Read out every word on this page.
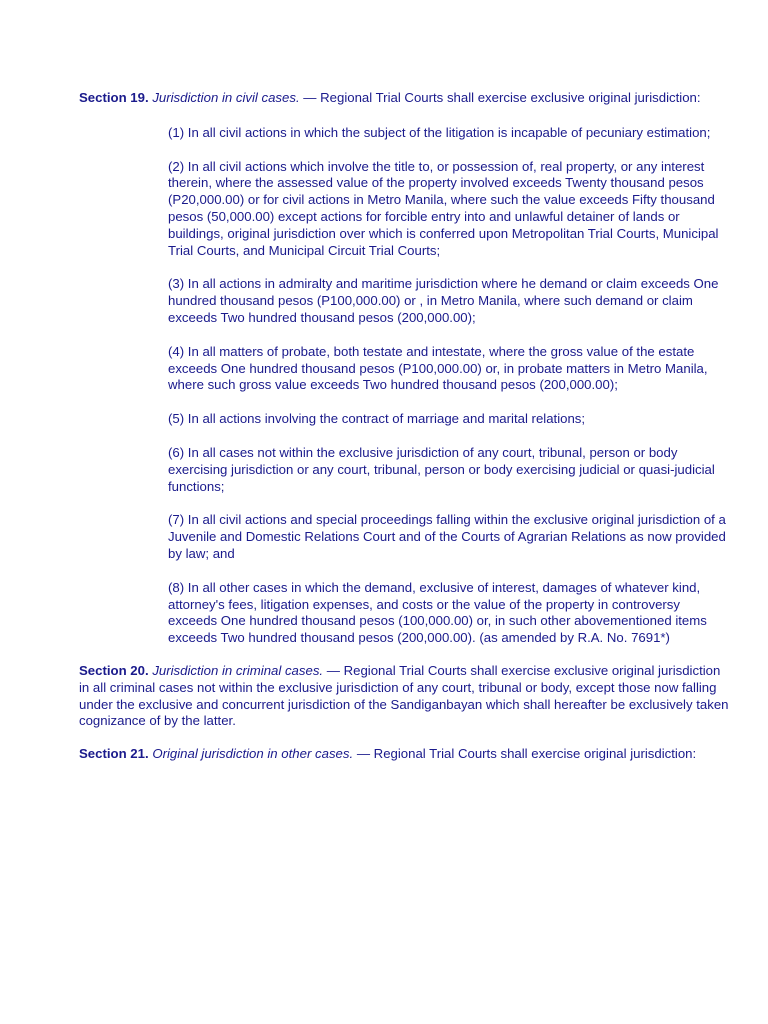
Section 19. Jurisdiction in civil cases. — Regional Trial Courts shall exercise exclusive original jurisdiction:
(1) In all civil actions in which the subject of the litigation is incapable of pecuniary estimation;
(2) In all civil actions which involve the title to, or possession of, real property, or any interest therein, where the assessed value of the property involved exceeds Twenty thousand pesos (P20,000.00) or for civil actions in Metro Manila, where such the value exceeds Fifty thousand pesos (50,000.00) except actions for forcible entry into and unlawful detainer of lands or buildings, original jurisdiction over which is conferred upon Metropolitan Trial Courts, Municipal Trial Courts, and Municipal Circuit Trial Courts;
(3) In all actions in admiralty and maritime jurisdiction where he demand or claim exceeds One hundred thousand pesos (P100,000.00) or , in Metro Manila, where such demand or claim exceeds Two hundred thousand pesos (200,000.00);
(4) In all matters of probate, both testate and intestate, where the gross value of the estate exceeds One hundred thousand pesos (P100,000.00) or, in probate matters in Metro Manila, where such gross value exceeds Two hundred thousand pesos (200,000.00);
(5) In all actions involving the contract of marriage and marital relations;
(6) In all cases not within the exclusive jurisdiction of any court, tribunal, person or body exercising jurisdiction or any court, tribunal, person or body exercising judicial or quasi-judicial functions;
(7) In all civil actions and special proceedings falling within the exclusive original jurisdiction of a Juvenile and Domestic Relations Court and of the Courts of Agrarian Relations as now provided by law; and
(8) In all other cases in which the demand, exclusive of interest, damages of whatever kind, attorney's fees, litigation expenses, and costs or the value of the property in controversy exceeds One hundred thousand pesos (100,000.00) or, in such other abovementioned items exceeds Two hundred thousand pesos (200,000.00). (as amended by R.A. No. 7691*)
Section 20. Jurisdiction in criminal cases. — Regional Trial Courts shall exercise exclusive original jurisdiction in all criminal cases not within the exclusive jurisdiction of any court, tribunal or body, except those now falling under the exclusive and concurrent jurisdiction of the Sandiganbayan which shall hereafter be exclusively taken cognizance of by the latter.
Section 21. Original jurisdiction in other cases. — Regional Trial Courts shall exercise original jurisdiction:
